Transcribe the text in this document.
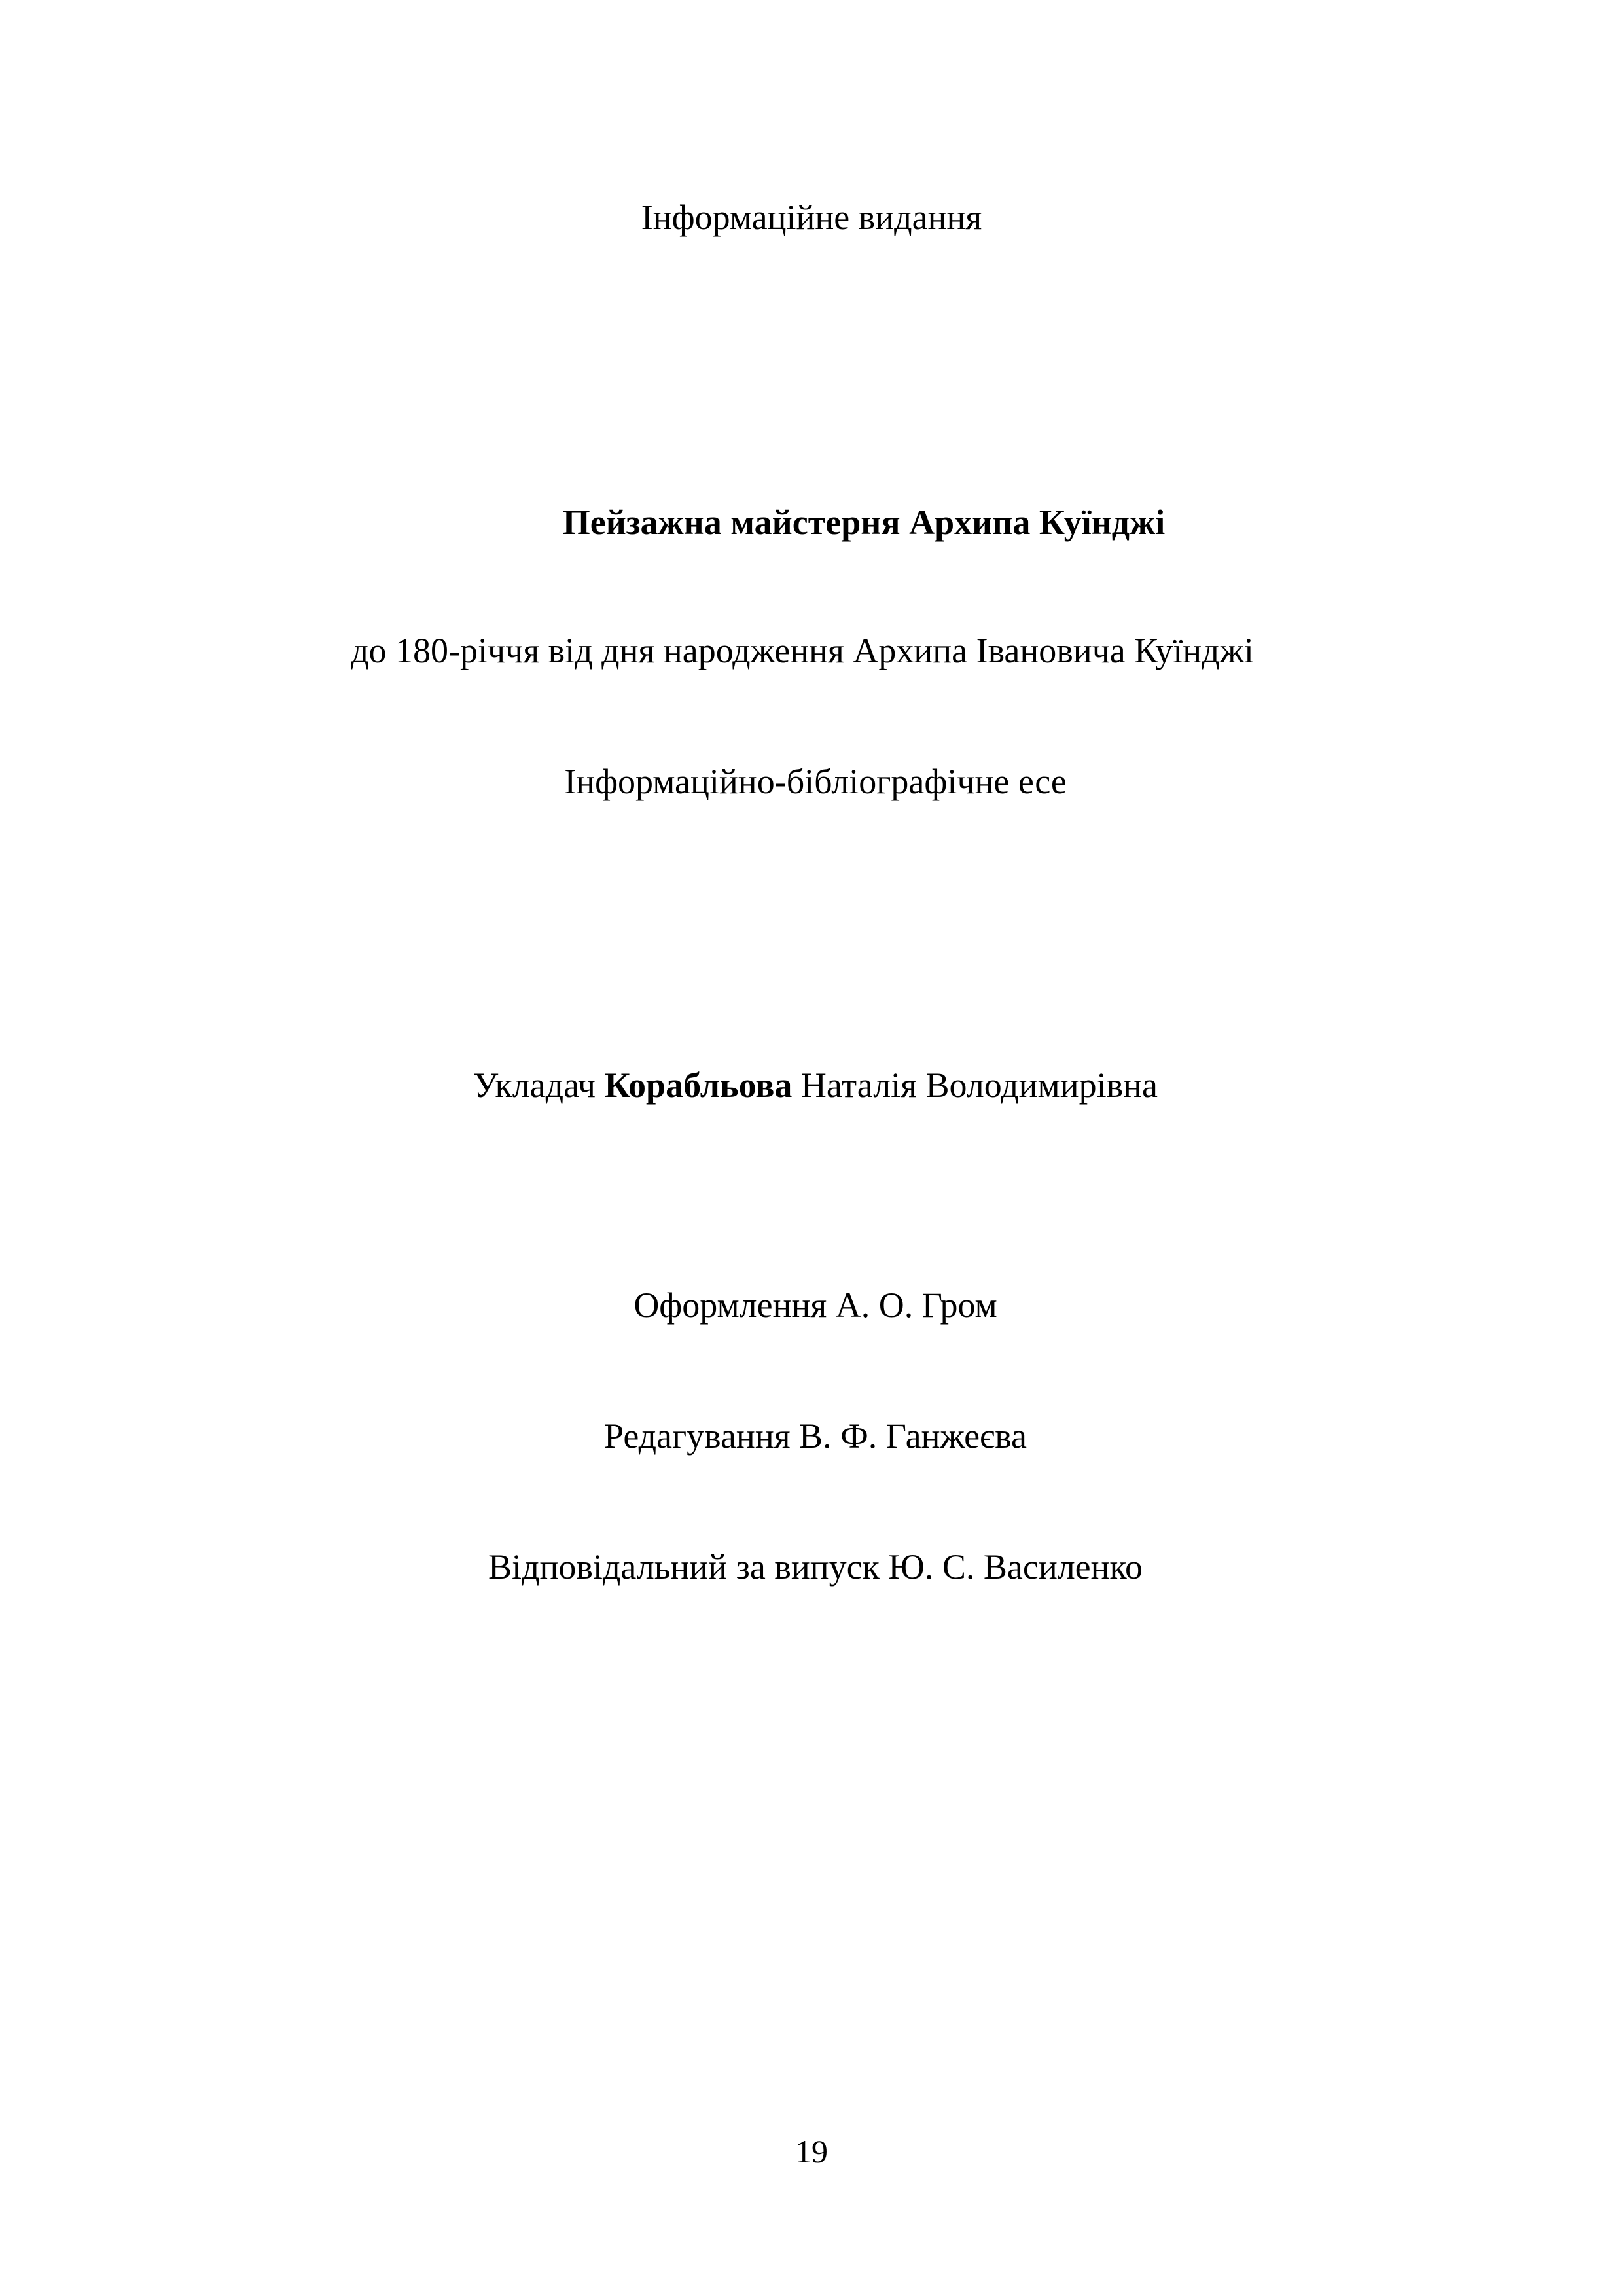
Інформаційне видання
Пейзажна майстерня Архипа Куїнджі
до 180-річчя від дня народження Архипа Івановича Куїнджі
Інформаційно-бібліографічне есе
Укладач Корабльова Наталія Володимирівна
Оформлення А. О. Гром
Редагування В. Ф. Ганжеєва
Відповідальний за випуск Ю. С. Василенко
19
